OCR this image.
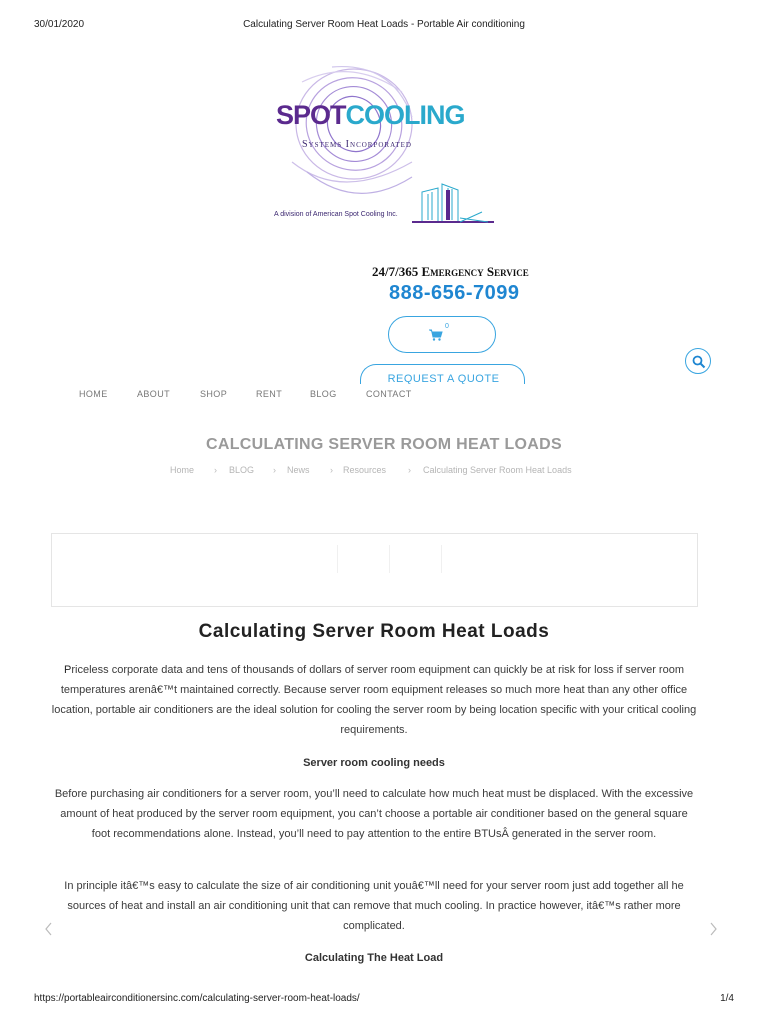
30/01/2020	Calculating Server Room Heat Loads - Portable Air conditioning
SPOTCOOLING
Systems Incorporated
A division of American Spot Cooling Inc.
24/7/365 Emergency Service
888-656-7099
0
REQUEST A QUOTE
HOME	ABOUT	SHOP	RENT	BLOG	CONTACT
CALCULATING SERVER ROOM HEAT LOADS
Home › BLOG › News › Resources › Calculating Server Room Heat Loads
Calculating Server Room Heat Loads
Priceless corporate data and tens of thousands of dollars of server room equipment can quickly be at risk for loss if server room temperatures arenâ€™t maintained correctly. Because server room equipment releases so much more heat than any other office location, portable air conditioners are the ideal solution for cooling the server room by being location specific with your critical cooling requirements.
Server room cooling needs
Before purchasing air conditioners for a server room, you’ll need to calculate how much heat must be displaced. With the excessive amount of heat produced by the server room equipment, you can’t choose a portable air conditioner based on the general square foot recommendations alone. Instead, you’ll need to pay attention to the entire BTUsÂ generated in the server room.
In principle itâ€™s easy to calculate the size of air conditioning unit youâ€™ll need for your server room just add together all he sources of heat and install an air conditioning unit that can remove that much cooling. In practice however, itâ€™s rather more complicated.
Calculating The Heat Load
https://portableairconditionersinc.com/calculating-server-room-heat-loads/	1/4
